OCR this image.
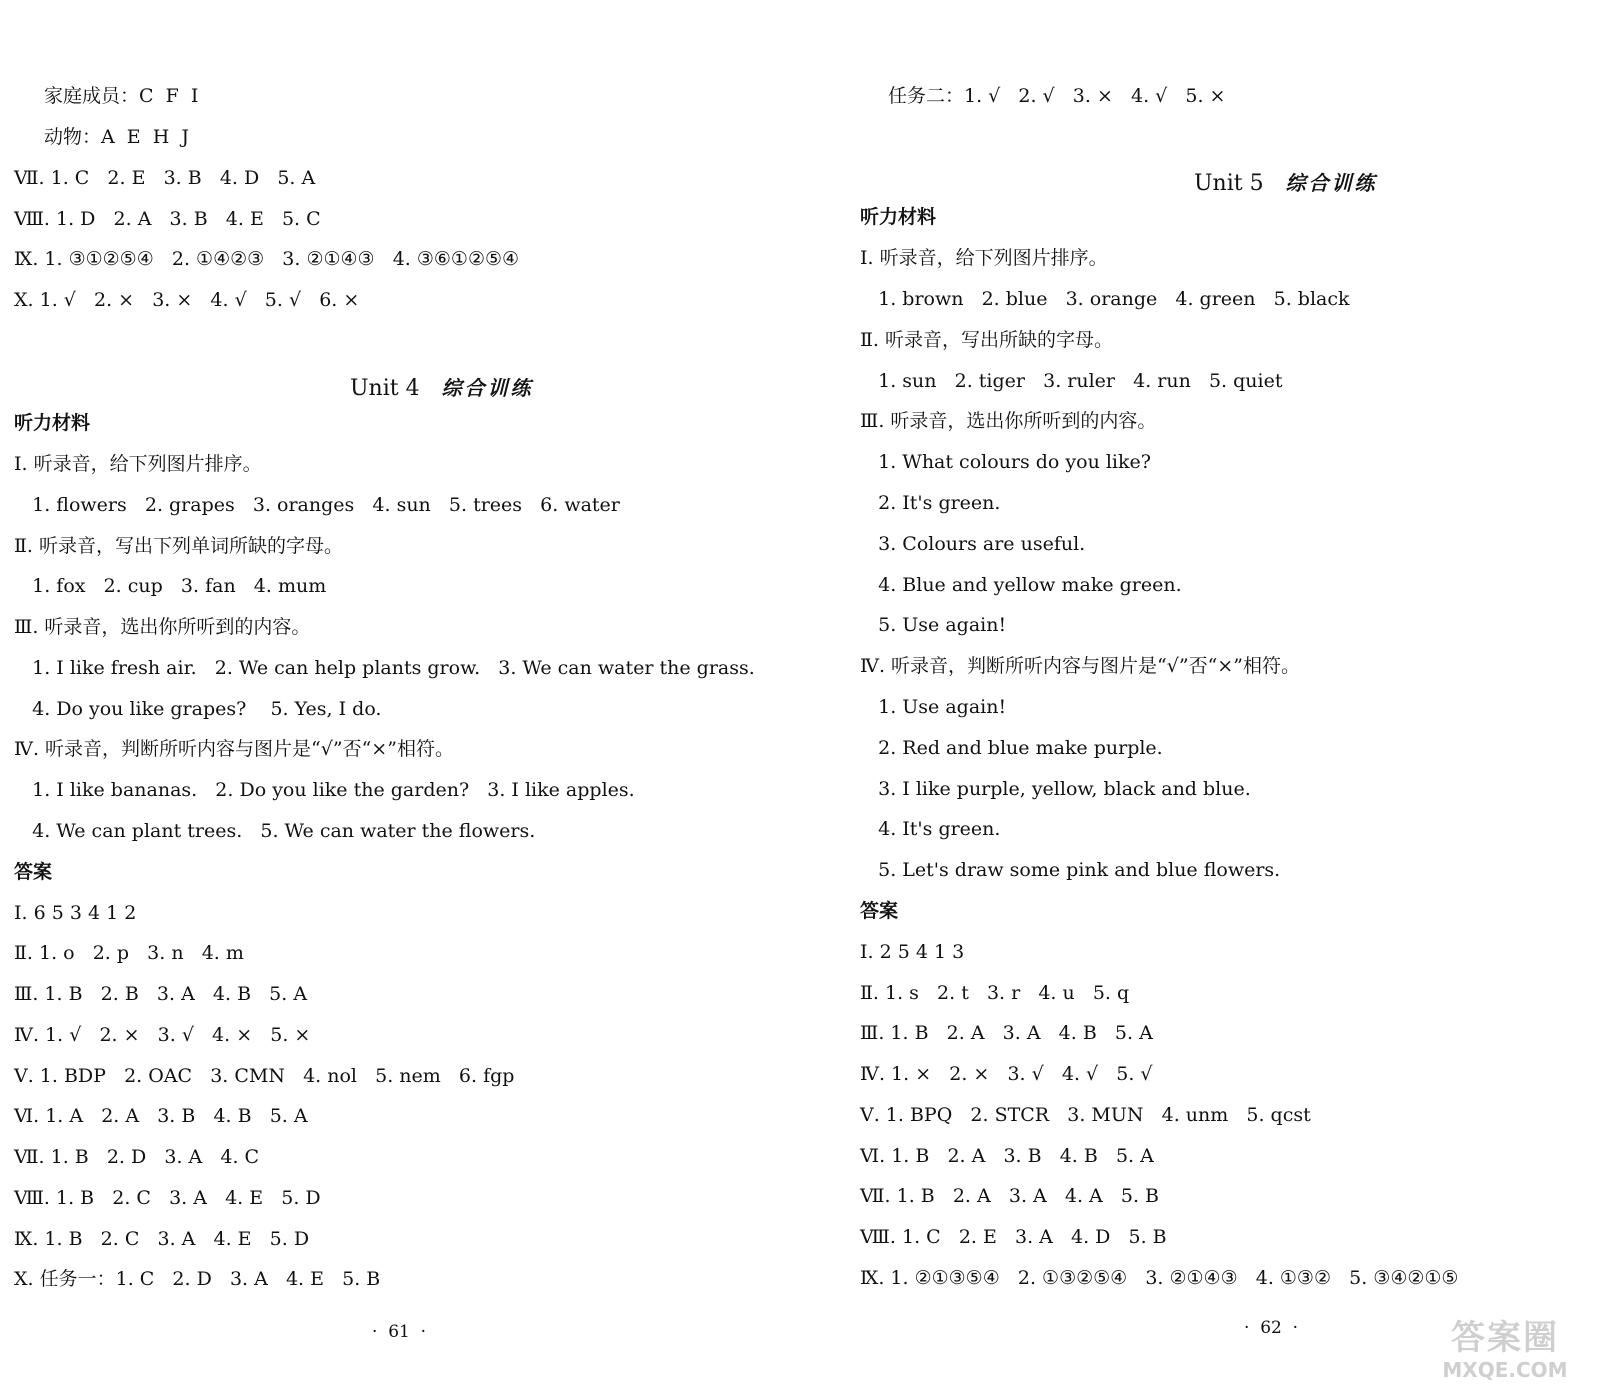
家庭成员：C  F  I
动物：A  E  H  J
Ⅶ. 1. C   2. E   3. B   4. D   5. A
Ⅷ. 1. D   2. A   3. B   4. E   5. C
Ⅸ. 1. ③①②⑤④   2. ①④②③   3. ②①④③   4. ③⑥①②⑤④
Ⅹ. 1. √   2. ×   3. ×   4. √   5. √   6. ×

Unit 4 综合训练

听力材料
Ⅰ. 听录音，给下列图片排序。
1. flowers   2. grapes   3. oranges   4. sun   5. trees   6. water
Ⅱ. 听录音，写出下列单词所缺的字母。
1. fox   2. cup   3. fan   4. mum
Ⅲ. 听录音，选出你所听到的内容。
1. I like fresh air.   2. We can help plants grow.   3. We can water the grass.
4. Do you like grapes?    5. Yes, I do.
Ⅳ. 听录音，判断所听内容与图片是“√”否“×”相符。
1. I like bananas.   2. Do you like the garden?   3. I like apples.
4. We can plant trees.   5. We can water the flowers.
答案
Ⅰ. 6 5 3 4 1 2
Ⅱ. 1. o   2. p   3. n   4. m
Ⅲ. 1. B   2. B   3. A   4. B   5. A
Ⅳ. 1. √   2. ×   3. √   4. ×   5. ×
Ⅴ. 1. BDP   2. OAC   3. CMN   4. nol   5. nem   6. fgp
Ⅵ. 1. A   2. A   3. B   4. B   5. A
Ⅶ. 1. B   2. D   3. A   4. C
Ⅷ. 1. B   2. C   3. A   4. E   5. D
Ⅸ. 1. B   2. C   3. A   4. E   5. D
Ⅹ. 任务一：1. C   2. D   3. A   4. E   5. B
·  61  ·
任务二：1. √   2. √   3. ×   4. √   5. ×

Unit 5 综合训练

听力材料
Ⅰ. 听录音，给下列图片排序。
1. brown   2. blue   3. orange   4. green   5. black
Ⅱ. 听录音，写出所缺的字母。
1. sun   2. tiger   3. ruler   4. run   5. quiet
Ⅲ. 听录音，选出你所听到的内容。
1. What colours do you like?
2. It's green.
3. Colours are useful.
4. Blue and yellow make green.
5. Use again!
Ⅳ. 听录音，判断所听内容与图片是“√”否“×”相符。
1. Use again!
2. Red and blue make purple.
3. I like purple, yellow, black and blue.
4. It's green.
5. Let's draw some pink and blue flowers.
答案
Ⅰ. 2 5 4 1 3
Ⅱ. 1. s   2. t   3. r   4. u   5. q
Ⅲ. 1. B   2. A   3. A   4. B   5. A
Ⅳ. 1. ×   2. ×   3. √   4. √   5. √
Ⅴ. 1. BPQ   2. STCR   3. MUN   4. unm   5. qcst
Ⅵ. 1. B   2. A   3. B   4. B   5. A
Ⅶ. 1. B   2. A   3. A   4. A   5. B
Ⅷ. 1. C   2. E   3. A   4. D   5. B
Ⅸ. 1. ②①③⑤④   2. ①③②⑤④   3. ②①④③   4. ①③②   5. ③④②①⑤
·  62  ·	答案圈
MXQE.COM
